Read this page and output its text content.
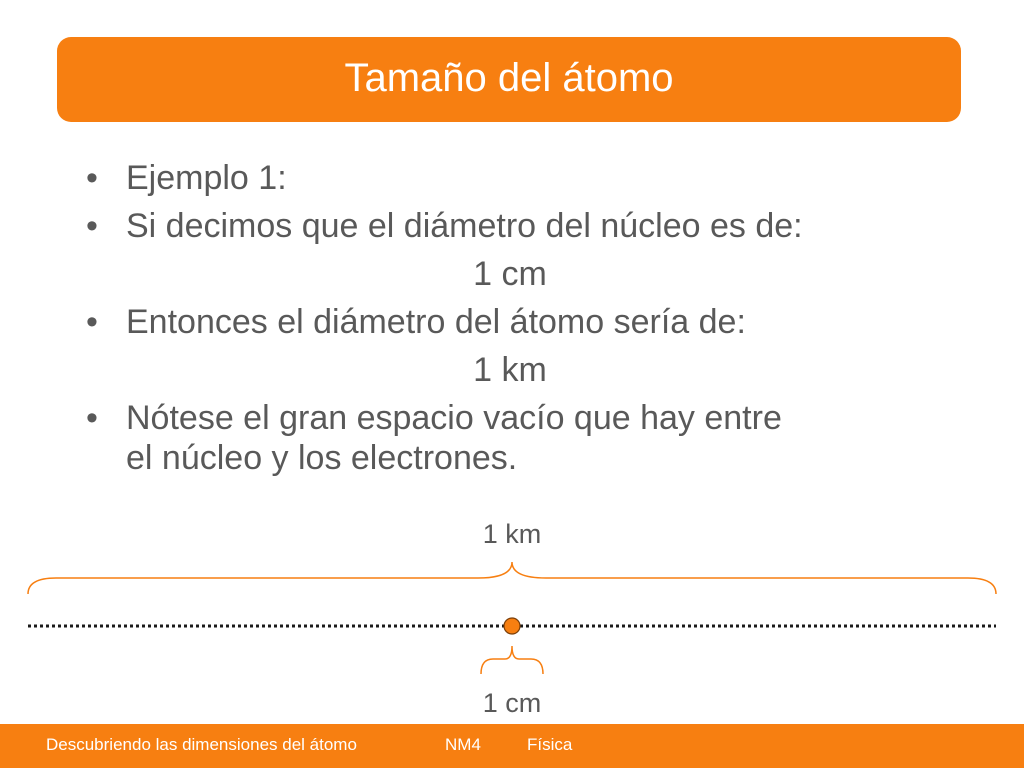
Tamaño del átomo
• Ejemplo 1:
• Si decimos que el diámetro del núcleo es de:
1 cm
• Entonces el diámetro del átomo sería de:
1 km
• Nótese el gran espacio vacío que hay entre
el núcleo y los electrones.
1 km
1 cm
Descubriendo las dimensiones del átomo	NM4	Física
